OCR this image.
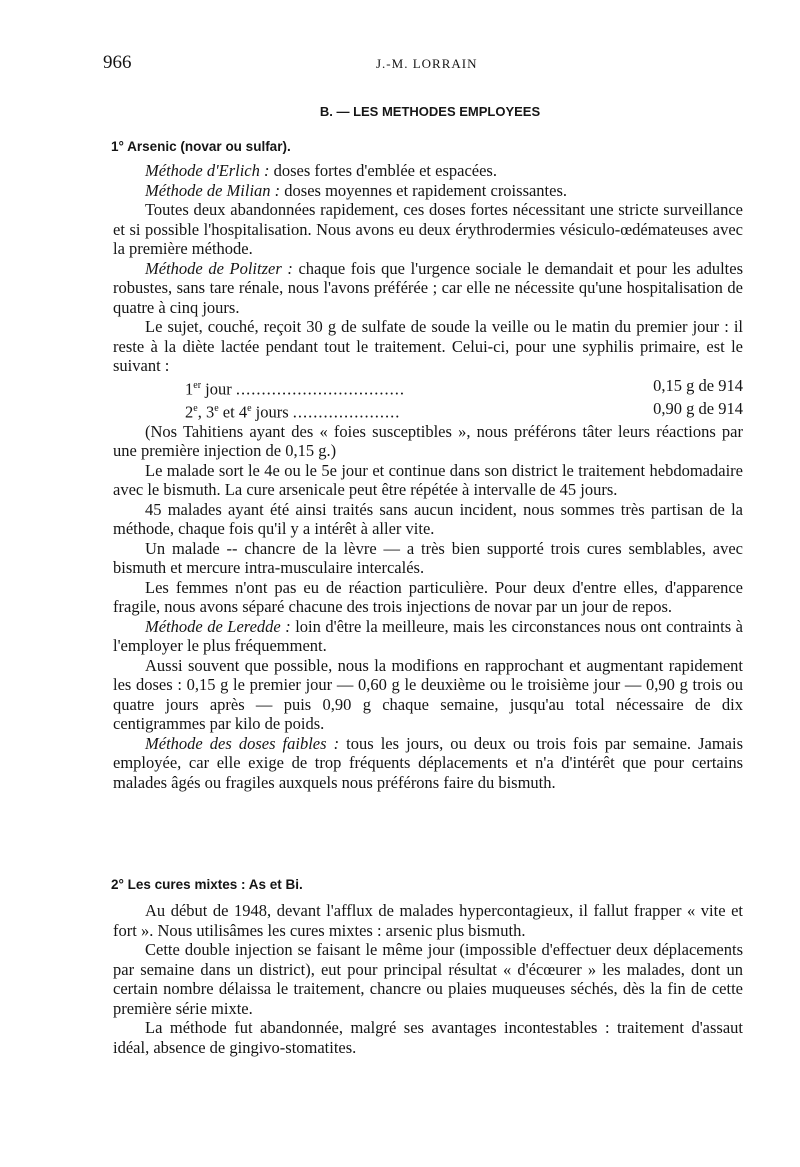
966	J.-M. LORRAIN
B. — LES METHODES EMPLOYEES
1° Arsenic (novar ou sulfar).

Méthode d'Erlich : doses fortes d'emblée et espacées.

Méthode de Milian : doses moyennes et rapidement croissantes.

Toutes deux abandonnées rapidement, ces doses fortes nécessitant une stricte surveillance et si possible l'hospitalisation. Nous avons eu deux érythrodermies vésiculo-œdémateuses avec la première méthode.

Méthode de Politzer : chaque fois que l'urgence sociale le demandait et pour les adultes robustes, sans tare rénale, nous l'avons préférée ; car elle ne nécessite qu'une hospitalisation de quatre à cinq jours.

Le sujet, couché, reçoit 30 g de sulfate de soude la veille ou le matin du premier jour : il reste à la diète lactée pendant tout le traitement. Celui-ci, pour une syphilis primaire, est le suivant :

1er jour .................................	0,15 g de 914
2e, 3e et 4e jours .....................	0,90 g de 914

(Nos Tahitiens ayant des « foies susceptibles », nous préférons tâter leurs réactions par une première injection de 0,15 g.)

Le malade sort le 4e ou le 5e jour et continue dans son district le traitement hebdomadaire avec le bismuth. La cure arsenicale peut être répétée à intervalle de 45 jours.

45 malades ayant été ainsi traités sans aucun incident, nous sommes très partisan de la méthode, chaque fois qu'il y a intérêt à aller vite.

Un malade -- chancre de la lèvre — a très bien supporté trois cures semblables, avec bismuth et mercure intra-musculaire intercalés.

Les femmes n'ont pas eu de réaction particulière. Pour deux d'entre elles, d'apparence fragile, nous avons séparé chacune des trois injections de novar par un jour de repos.

Méthode de Leredde : loin d'être la meilleure, mais les circonstances nous ont contraints à l'employer le plus fréquemment.

Aussi souvent que possible, nous la modifions en rapprochant et augmentant rapidement les doses : 0,15 g le premier jour — 0,60 g le deuxième ou le troisième jour — 0,90 g trois ou quatre jours après — puis 0,90 g chaque semaine, jusqu'au total nécessaire de dix centigrammes par kilo de poids.

Méthode des doses faibles : tous les jours, ou deux ou trois fois par semaine. Jamais employée, car elle exige de trop fréquents déplacements et n'a d'intérêt que pour certains malades âgés ou fragiles auxquels nous préférons faire du bismuth.

2° Les cures mixtes : As et Bi.

Au début de 1948, devant l'afflux de malades hypercontagieux, il fallut frapper « vite et fort ». Nous utilisâmes les cures mixtes : arsenic plus bismuth.

Cette double injection se faisant le même jour (impossible d'effectuer deux déplacements par semaine dans un district), eut pour principal résultat « d'écœurer » les malades, dont un certain nombre délaissa le traitement, chancre ou plaies muqueuses séchés, dès la fin de cette première série mixte.

La méthode fut abandonnée, malgré ses avantages incontestables : traitement d'assaut idéal, absence de gingivo-stomatites.
